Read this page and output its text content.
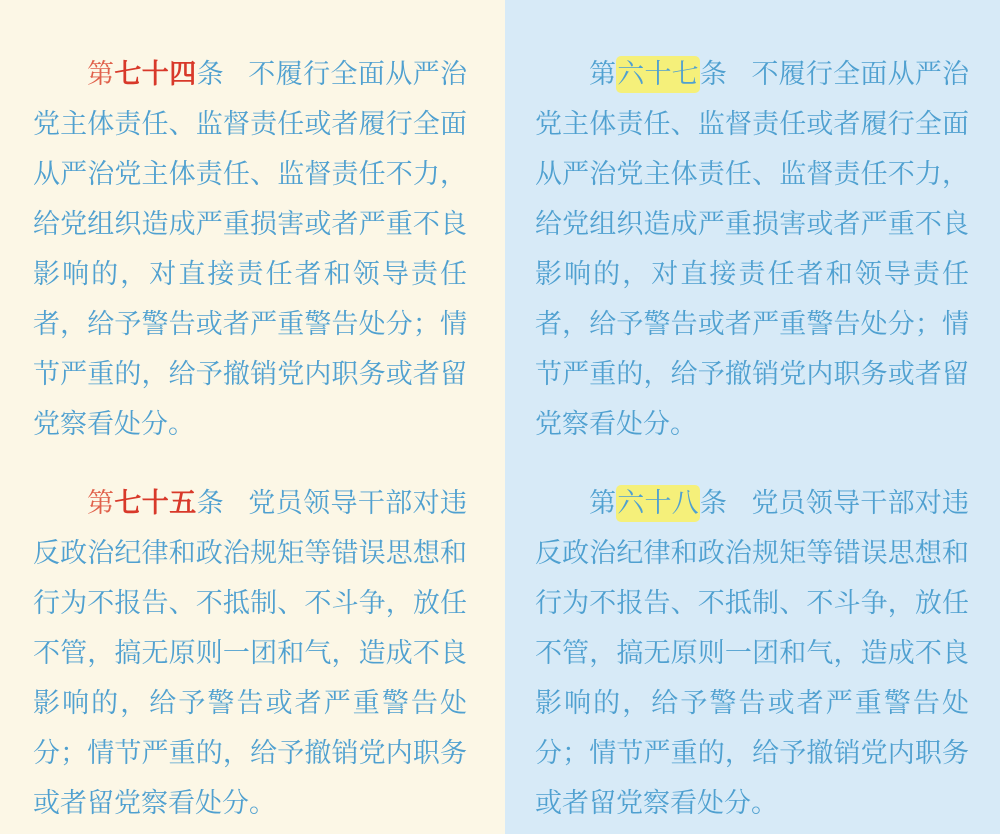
第七十四条 不履行全面从严治党主体责任、监督责任或者履行全面从严治党主体责任、监督责任不力，给党组织造成严重损害或者严重不良影响的，对直接责任者和领导责任者，给予警告或者严重警告处分；情节严重的，给予撤销党内职务或者留党察看处分。

第七十五条 党员领导干部对违反政治纪律和政治规矩等错误思想和行为不报告、不抵制、不斗争，放任不管，搞无原则一团和气，造成不良影响的，给予警告或者严重警告处分；情节严重的，给予撤销党内职务或者留党察看处分。

第六十七条 不履行全面从严治党主体责任、监督责任或者履行全面从严治党主体责任、监督责任不力，给党组织造成严重损害或者严重不良影响的，对直接责任者和领导责任者，给予警告或者严重警告处分；情节严重的，给予撤销党内职务或者留党察看处分。

第六十八条 党员领导干部对违反政治纪律和政治规矩等错误思想和行为不报告、不抵制、不斗争，放任不管，搞无原则一团和气，造成不良影响的，给予警告或者严重警告处分；情节严重的，给予撤销党内职务或者留党察看处分。
